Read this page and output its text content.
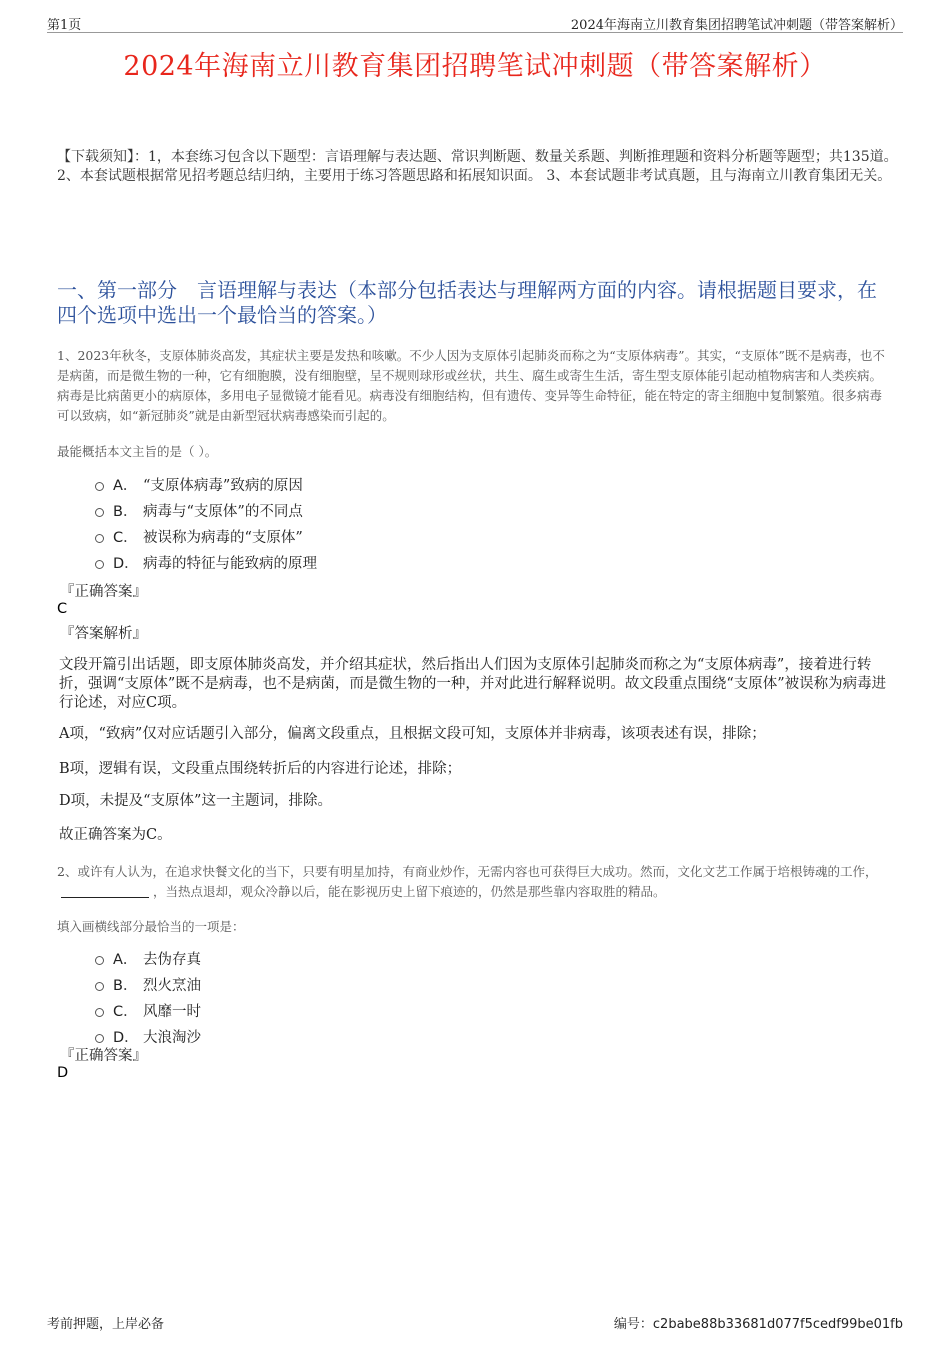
第1页	2024年海南立川教育集团招聘笔试冲刺题（带答案解析）
2024年海南立川教育集团招聘笔试冲刺题（带答案解析）
【下载须知】：1，本套练习包含以下题型：言语理解与表达题、常识判断题、数量关系题、判断推理题和资料分析题等题型；共135道。 2、本套试题根据常见招考题总结归纳，主要用于练习答题思路和拓展知识面。 3、本套试题非考试真题，且与海南立川教育集团无关。
一、第一部分　言语理解与表达（本部分包括表达与理解两方面的内容。请根据题目要求，在四个选项中选出一个最恰当的答案。）
1、2023年秋冬，支原体肺炎高发，其症状主要是发热和咳嗽。不少人因为支原体引起肺炎而称之为“支原体病毒”。其实，“支原体”既不是病毒，也不是病菌，而是微生物的一种，它有细胞膜，没有细胞壁，呈不规则球形或丝状，共生、腐生或寄生生活，寄生型支原体能引起动植物病害和人类疾病。病毒是比病菌更小的病原体，多用电子显微镜才能看见。病毒没有细胞结构，但有遗传、变异等生命特征，能在特定的寄主细胞中复制繁殖。很多病毒可以致病，如“新冠肺炎”就是由新型冠状病毒感染而引起的。
最能概括本文主旨的是（ ）。
A． “支原体病毒”致病的原因
B． 病毒与“支原体”的不同点
C． 被误称为病毒的“支原体”
D． 病毒的特征与能致病的原理
『正确答案』
C
『答案解析』
文段开篇引出话题，即支原体肺炎高发，并介绍其症状，然后指出人们因为支原体引起肺炎而称之为“支原体病毒”，接着进行转折，强调“支原体”既不是病毒，也不是病菌，而是微生物的一种，并对此进行解释说明。故文段重点围绕“支原体”被误称为病毒进行论述，对应C项。
A项，“致病”仅对应话题引入部分，偏离文段重点，且根据文段可知，支原体并非病毒，该项表述有误，排除；
B项，逻辑有误，文段重点围绕转折后的内容进行论述，排除；
D项，未提及“支原体”这一主题词，排除。
故正确答案为C。
2、或许有人认为，在追求快餐文化的当下，只要有明星加持，有商业炒作，无需内容也可获得巨大成功。然而，文化文艺工作属于培根铸魂的工作，，当热点退却，观众冷静以后，能在影视历史上留下痕迹的，仍然是那些靠内容取胜的精品。
填入画横线部分最恰当的一项是：
A． 去伪存真
B． 烈火烹油
C． 风靡一时
D． 大浪淘沙
『正确答案』
D
考前押题，上岸必备	编号：c2babe88b33681d077f5cedf99be01fb
